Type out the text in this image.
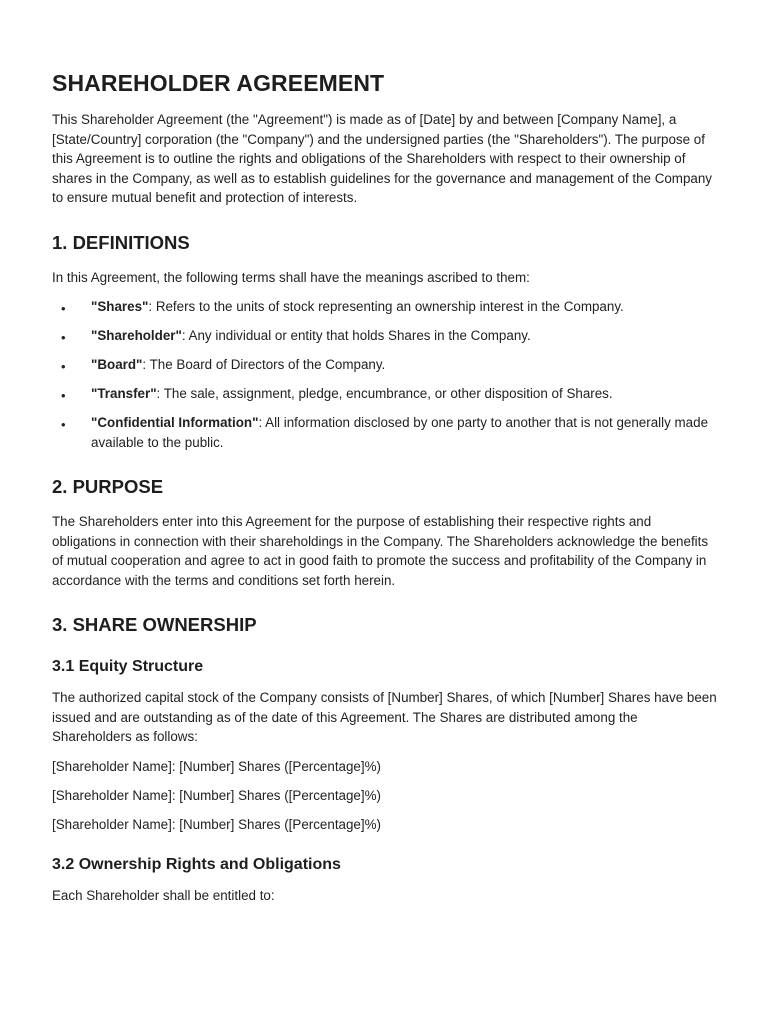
SHAREHOLDER AGREEMENT

This Shareholder Agreement (the "Agreement") is made as of [Date] by and between [Company Name], a [State/Country] corporation (the "Company") and the undersigned parties (the "Shareholders"). The purpose of this Agreement is to outline the rights and obligations of the Shareholders with respect to their ownership of shares in the Company, as well as to establish guidelines for the governance and management of the Company to ensure mutual benefit and protection of interests.

1. DEFINITIONS

In this Agreement, the following terms shall have the meanings ascribed to them:

• "Shares": Refers to the units of stock representing an ownership interest in the Company.
• "Shareholder": Any individual or entity that holds Shares in the Company.
• "Board": The Board of Directors of the Company.
• "Transfer": The sale, assignment, pledge, encumbrance, or other disposition of Shares.
• "Confidential Information": All information disclosed by one party to another that is not generally made available to the public.
2. PURPOSE

The Shareholders enter into this Agreement for the purpose of establishing their respective rights and obligations in connection with their shareholdings in the Company. The Shareholders acknowledge the benefits of mutual cooperation and agree to act in good faith to promote the success and profitability of the Company in accordance with the terms and conditions set forth herein.

3. SHARE OWNERSHIP
3.1 Equity Structure

The authorized capital stock of the Company consists of [Number] Shares, of which [Number] Shares have been issued and are outstanding as of the date of this Agreement. The Shares are distributed among the Shareholders as follows:

[Shareholder Name]: [Number] Shares ([Percentage]%)

[Shareholder Name]: [Number] Shares ([Percentage]%)

[Shareholder Name]: [Number] Shares ([Percentage]%)

3.2 Ownership Rights and Obligations

Each Shareholder shall be entitled to:
